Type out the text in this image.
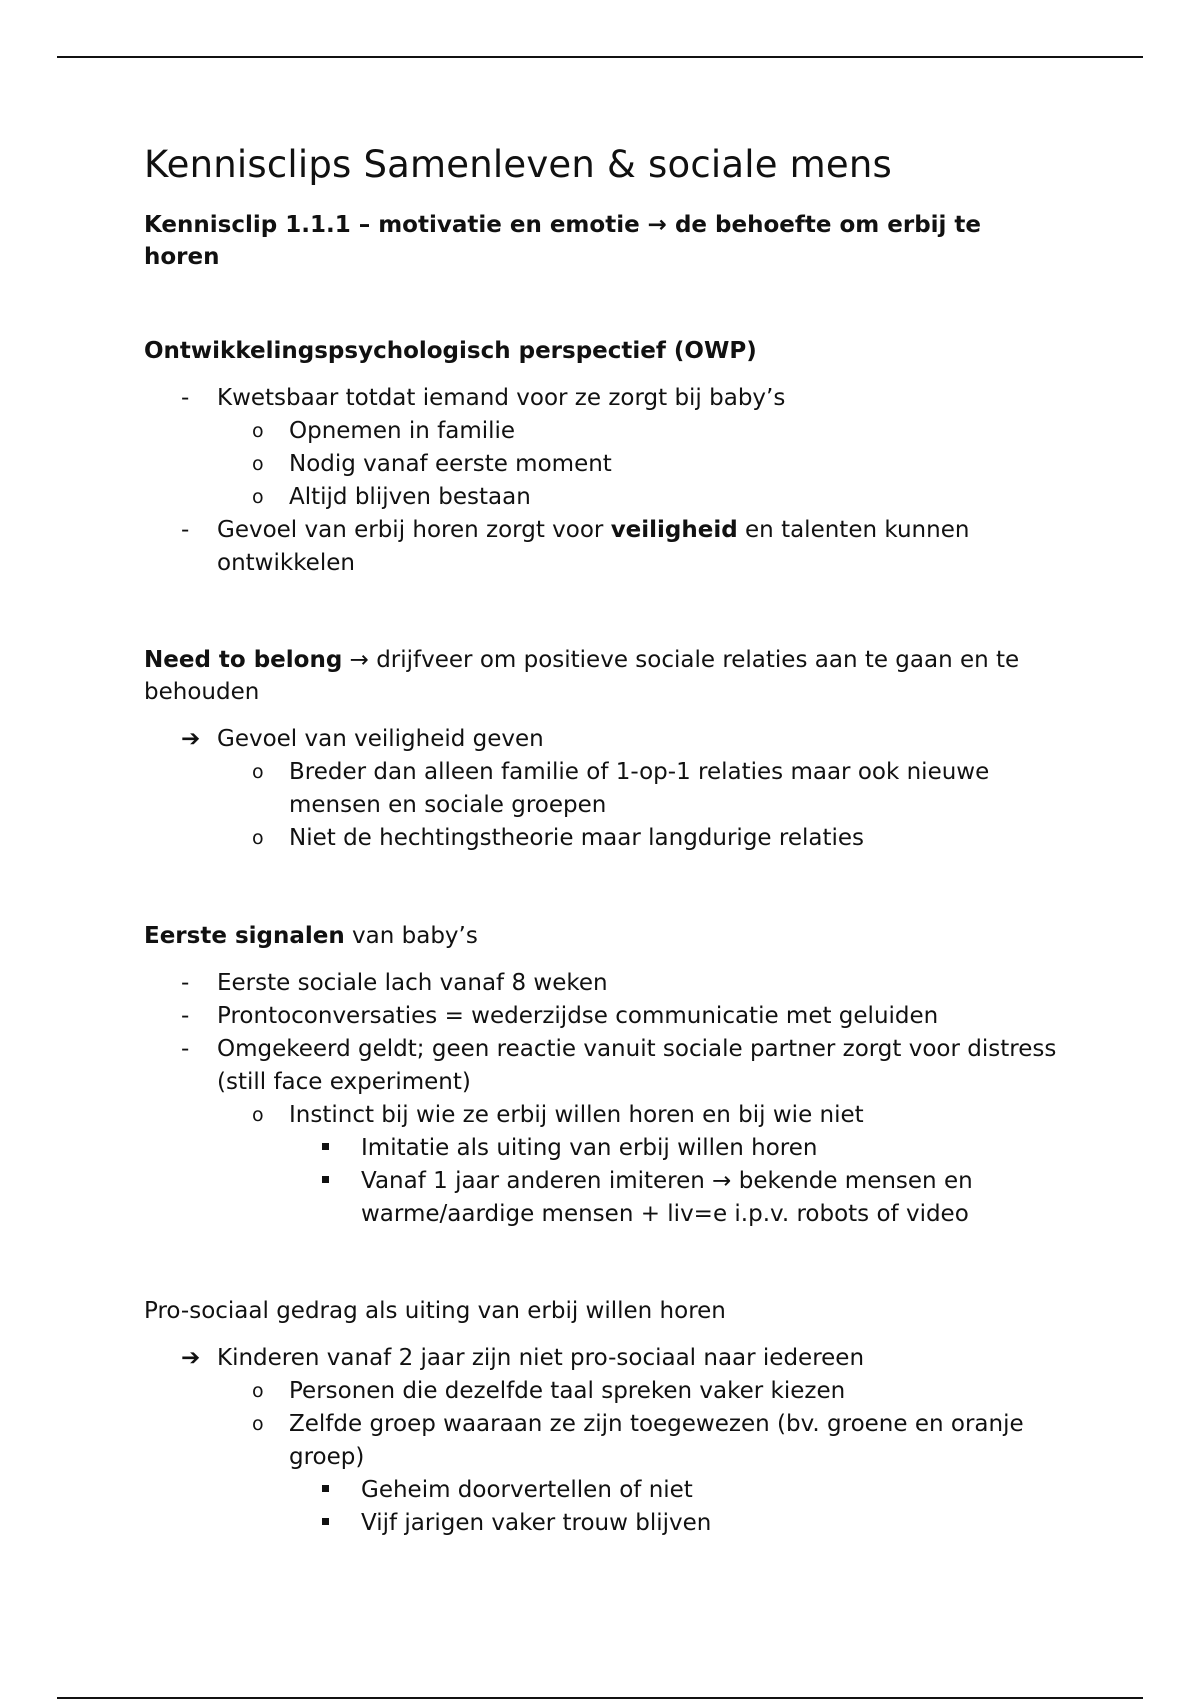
Kennisclips Samenleven & sociale mens

Kennisclip 1.1.1 – motivatie en emotie → de behoefte om erbij te horen

Ontwikkelingspsychologisch perspectief (OWP)

-	Kwetsbaar totdat iemand voor ze zorgt bij baby’s
o	Opnemen in familie
o	Nodig vanaf eerste moment
o	Altijd blijven bestaan
-	Gevoel van erbij horen zorgt voor veiligheid en talenten kunnen ontwikkelen

Need to belong → drijfveer om positieve sociale relaties aan te gaan en te behouden

➔ Gevoel van veiligheid geven
o	Breder dan alleen familie of 1-op-1 relaties maar ook nieuwe mensen en sociale groepen
o	Niet de hechtingstheorie maar langdurige relaties

Eerste signalen van baby’s

-	Eerste sociale lach vanaf 8 weken
-	Prontoconversaties = wederzijdse communicatie met geluiden
-	Omgekeerd geldt; geen reactie vanuit sociale partner zorgt voor distress (still face experiment)
o	Instinct bij wie ze erbij willen horen en bij wie niet
Imitatie als uiting van erbij willen horen
Vanaf 1 jaar anderen imiteren → bekende mensen en warme/aardige mensen + liv=e i.p.v. robots of video

Pro-sociaal gedrag als uiting van erbij willen horen

➔ Kinderen vanaf 2 jaar zijn niet pro-sociaal naar iedereen
o	Personen die dezelfde taal spreken vaker kiezen
o	Zelfde groep waaraan ze zijn toegewezen (bv. groene en oranje groep)
Geheim doorvertellen of niet
Vijf jarigen vaker trouw blijven
